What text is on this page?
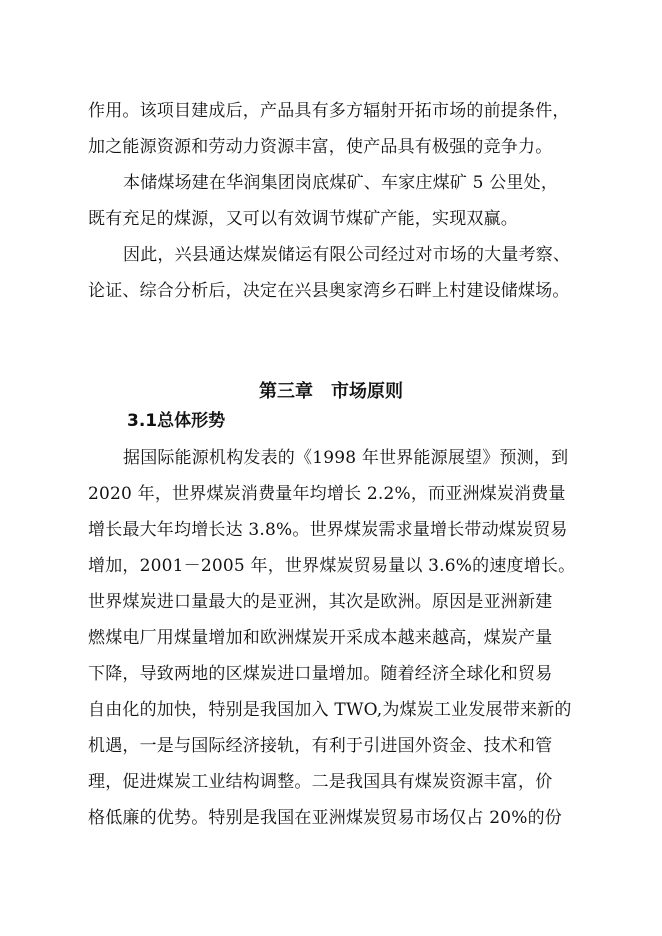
作用。该项目建成后，产品具有多方辐射开拓市场的前提条件，
加之能源资源和劳动力资源丰富，使产品具有极强的竞争力。
本储煤场建在华润集团岗底煤矿、车家庄煤矿 5 公里处，
既有充足的煤源，又可以有效调节煤矿产能，实现双赢。
因此，兴县通达煤炭储运有限公司经过对市场的大量考察、
论证、综合分析后，决定在兴县奥家湾乡石畔上村建设储煤场。
第三章　市场原则
3.1总体形势
据国际能源机构发表的《1998 年世界能源展望》预测，到
2020 年，世界煤炭消费量年均增长 2.2%，而亚洲煤炭消费量
增长最大年均增长达 3.8%。世界煤炭需求量增长带动煤炭贸易
增加，2001－2005 年，世界煤炭贸易量以 3.6%的速度增长。
世界煤炭进口量最大的是亚洲，其次是欧洲。原因是亚洲新建
燃煤电厂用煤量增加和欧洲煤炭开采成本越来越高，煤炭产量
下降，导致两地的区煤炭进口量增加。随着经济全球化和贸易
自由化的加快，特别是我国加入 TWO,为煤炭工业发展带来新的
机遇，一是与国际经济接轨，有利于引进国外资金、技术和管
理，促进煤炭工业结构调整。二是我国具有煤炭资源丰富，价
格低廉的优势。特别是我国在亚洲煤炭贸易市场仅占 20%的份
